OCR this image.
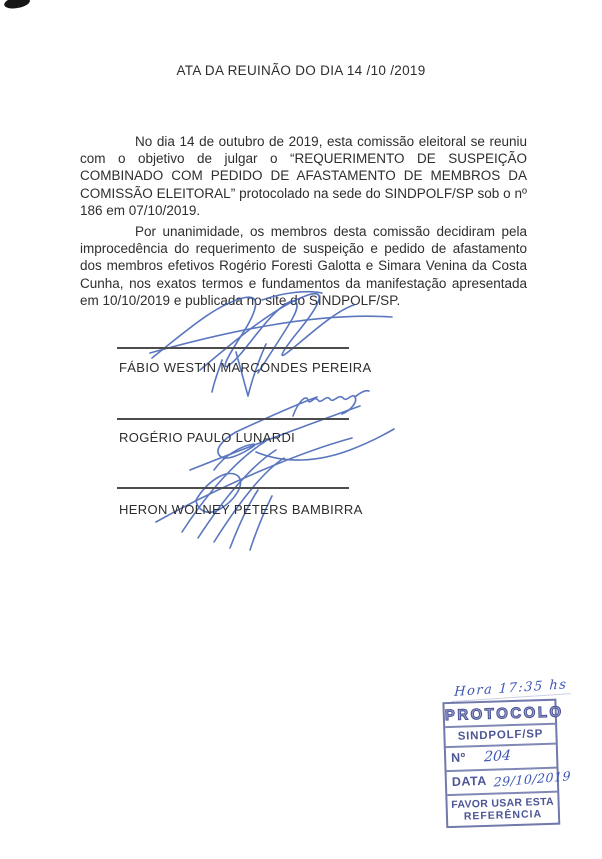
ATA DA REUINÃO DO DIA 14 /10 /2019

No dia 14 de outubro de 2019, esta comissão eleitoral se reuniu com o objetivo de julgar o “REQUERIMENTO DE SUSPEIÇÃO COMBINADO COM PEDIDO DE AFASTAMENTO DE MEMBROS DA COMISSÃO ELEITORAL” protocolado na sede do SINDPOLF/SP sob o nº 186 em 07/10/2019.

Por unanimidade, os membros desta comissão decidiram pela improcedência do requerimento de suspeição e pedido de afastamento dos membros efetivos Rogério Foresti Galotta e Simara Venina da Costa Cunha, nos exatos termos e fundamentos da manifestação apresentada em 10/10/2019 e publicada no site do SINDPOLF/SP.

FÁBIO WESTIN MARCONDES PEREIRA
ROGÉRIO PAULO LUNARDI
HERON WOLNEY PETERS BAMBIRRA
Hora 17:35 hs
PROTOCOLO
SINDPOLF/SP
Nº 204
DATA 29/10/2019
FAVOR USAR ESTA
REFERÊNCIA
